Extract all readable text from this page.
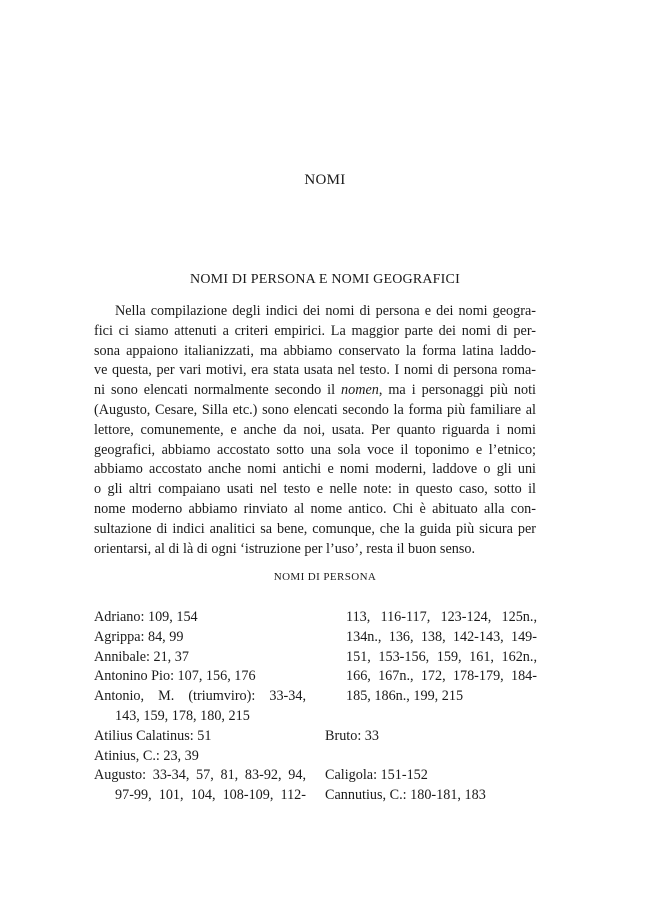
NOMI
NOMI DI PERSONA E NOMI GEOGRAFICI
Nella compilazione degli indici dei nomi di persona e dei nomi geogra-
fici ci siamo attenuti a criteri empirici. La maggior parte dei nomi di per-
sona appaiono italianizzati, ma abbiamo conservato la forma latina laddo-
ve questa, per vari motivi, era stata usata nel testo. I nomi di persona roma-
ni sono elencati normalmente secondo il nomen, ma i personaggi più noti
(Augusto, Cesare, Silla etc.) sono elencati secondo la forma più familiare al
lettore, comunemente, e anche da noi, usata. Per quanto riguarda i nomi
geografici, abbiamo accostato sotto una sola voce il toponimo e l’etnico;
abbiamo accostato anche nomi antichi e nomi moderni, laddove o gli uni
o gli altri compaiano usati nel testo e nelle note: in questo caso, sotto il
nome moderno abbiamo rinviato al nome antico. Chi è abituato alla con-
sultazione di indici analitici sa bene, comunque, che la guida più sicura per
orientarsi, al di là di ogni ‘istruzione per l’uso’, resta il buon senso.
NOMI DI PERSONA
Adriano: 109, 154
Agrippa: 84, 99
Annibale: 21, 37
Antonino Pio: 107, 156, 176
Antonio, M. (triumviro): 33-34,
143, 159, 178, 180, 215
Atilius Calatinus: 51
Atinius, C.: 23, 39
Augusto: 33-34, 57, 81, 83-92, 94,
97-99, 101, 104, 108-109, 112-
113, 116-117, 123-124, 125n.,
134n., 136, 138, 142-143, 149-
151, 153-156, 159, 161, 162n.,
166, 167n., 172, 178-179, 184-
185, 186n., 199, 215
Bruto: 33
Caligola: 151-152
Cannutius, C.: 180-181, 183
